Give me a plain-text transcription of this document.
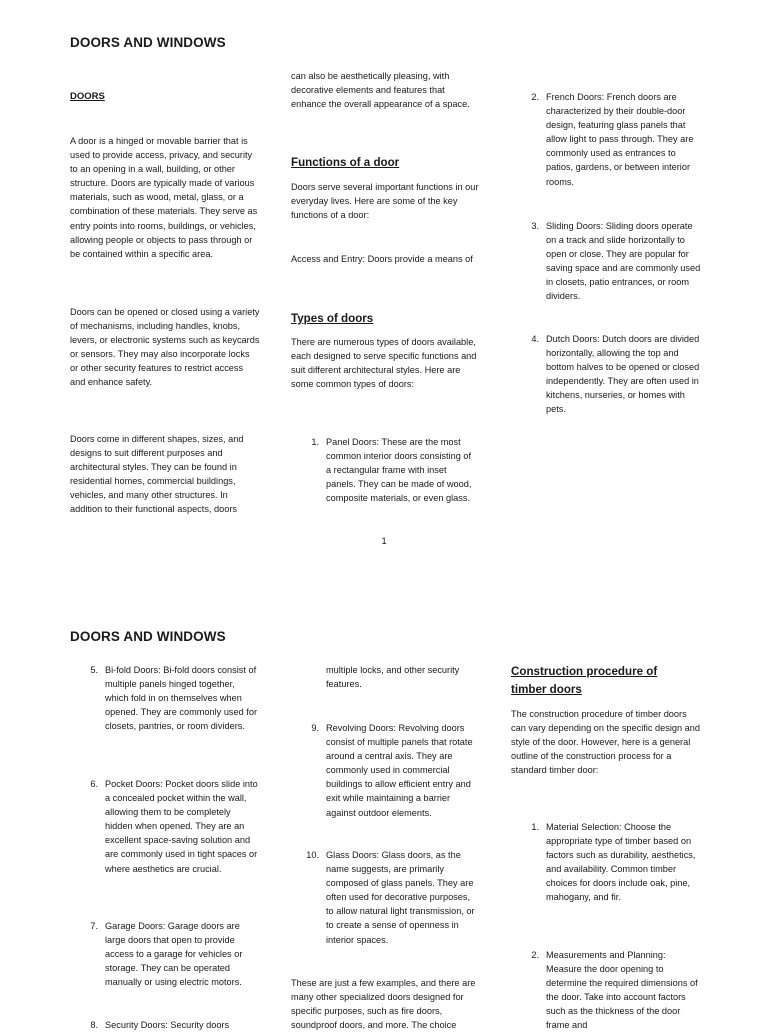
DOORS AND WINDOWS

DOORS

A door is a hinged or movable barrier that is used to provide access, privacy, and security to an opening in a wall, building, or other structure. Doors are typically made of various materials, such as wood, metal, glass, or a combination of these materials. They serve as entry points into rooms, buildings, or vehicles, allowing people or objects to pass through or be contained within a specific area.

Doors can be opened or closed using a variety of mechanisms, including handles, knobs, levers, or electronic systems such as keycards or sensors. They may also incorporate locks or other security features to restrict access and enhance safety.

Doors come in different shapes, sizes, and designs to suit different purposes and architectural styles. They can be found in residential homes, commercial buildings, vehicles, and many other structures. In addition to their functional aspects, doors

can also be aesthetically pleasing, with decorative elements and features that enhance the overall appearance of a space.

Functions of a door

Doors serve several important functions in our everyday lives. Here are some of the key functions of a door:

Access and Entry: Doors provide a means of

Types of doors

There are numerous types of doors available, each designed to serve specific functions and suit different architectural styles. Here are some common types of doors:

1. Panel Doors: These are the most common interior doors consisting of a rectangular frame with inset panels. They can be made of wood, composite materials, or even glass.
2. French Doors: French doors are characterized by their double-door design, featuring glass panels that allow light to pass through. They are commonly used as entrances to patios, gardens, or between interior rooms.
3. Sliding Doors: Sliding doors operate on a track and slide horizontally to open or close. They are popular for saving space and are commonly used in closets, patio entrances, or room dividers.
4. Dutch Doors: Dutch doors are divided horizontally, allowing the top and bottom halves to be opened or closed independently. They are often used in kitchens, nurseries, or homes with pets.
1
DOORS AND WINDOWS
5. Bi-fold Doors: Bi-fold doors consist of multiple panels hinged together, which fold in on themselves when opened. They are commonly used for closets, pantries, or room dividers.
6. Pocket Doors: Pocket doors slide into a concealed pocket within the wall, allowing them to be completely hidden when opened. They are an excellent space-saving solution and are commonly used in tight spaces or where aesthetics are crucial.
7. Garage Doors: Garage doors are large doors that open to provide access to a garage for vehicles or storage. They can be operated manually or using electric motors.
8. Security Doors: Security doors

multiple locks, and other security features.

9. Revolving Doors: Revolving doors consist of multiple panels that rotate around a central axis. They are commonly used in commercial buildings to allow efficient entry and exit while maintaining a barrier against outdoor elements.
10. Glass Doors: Glass doors, as the name suggests, are primarily composed of glass panels. They are often used for decorative purposes, to allow natural light transmission, or to create a sense of openness in interior spaces.

These are just a few examples, and there are many other specialized doors designed for specific purposes, such as fire doors, soundproof doors, and more. The choice

Construction procedure of timber doors

The construction procedure of timber doors can vary depending on the specific design and style of the door. However, here is a general outline of the construction process for a standard timber door:

1. Material Selection: Choose the appropriate type of timber based on factors such as durability, aesthetics, and availability. Common timber choices for doors include oak, pine, mahogany, and fir.
2. Measurements and Planning: Measure the door opening to determine the required dimensions of the door. Take into account factors such as the thickness of the door frame and
